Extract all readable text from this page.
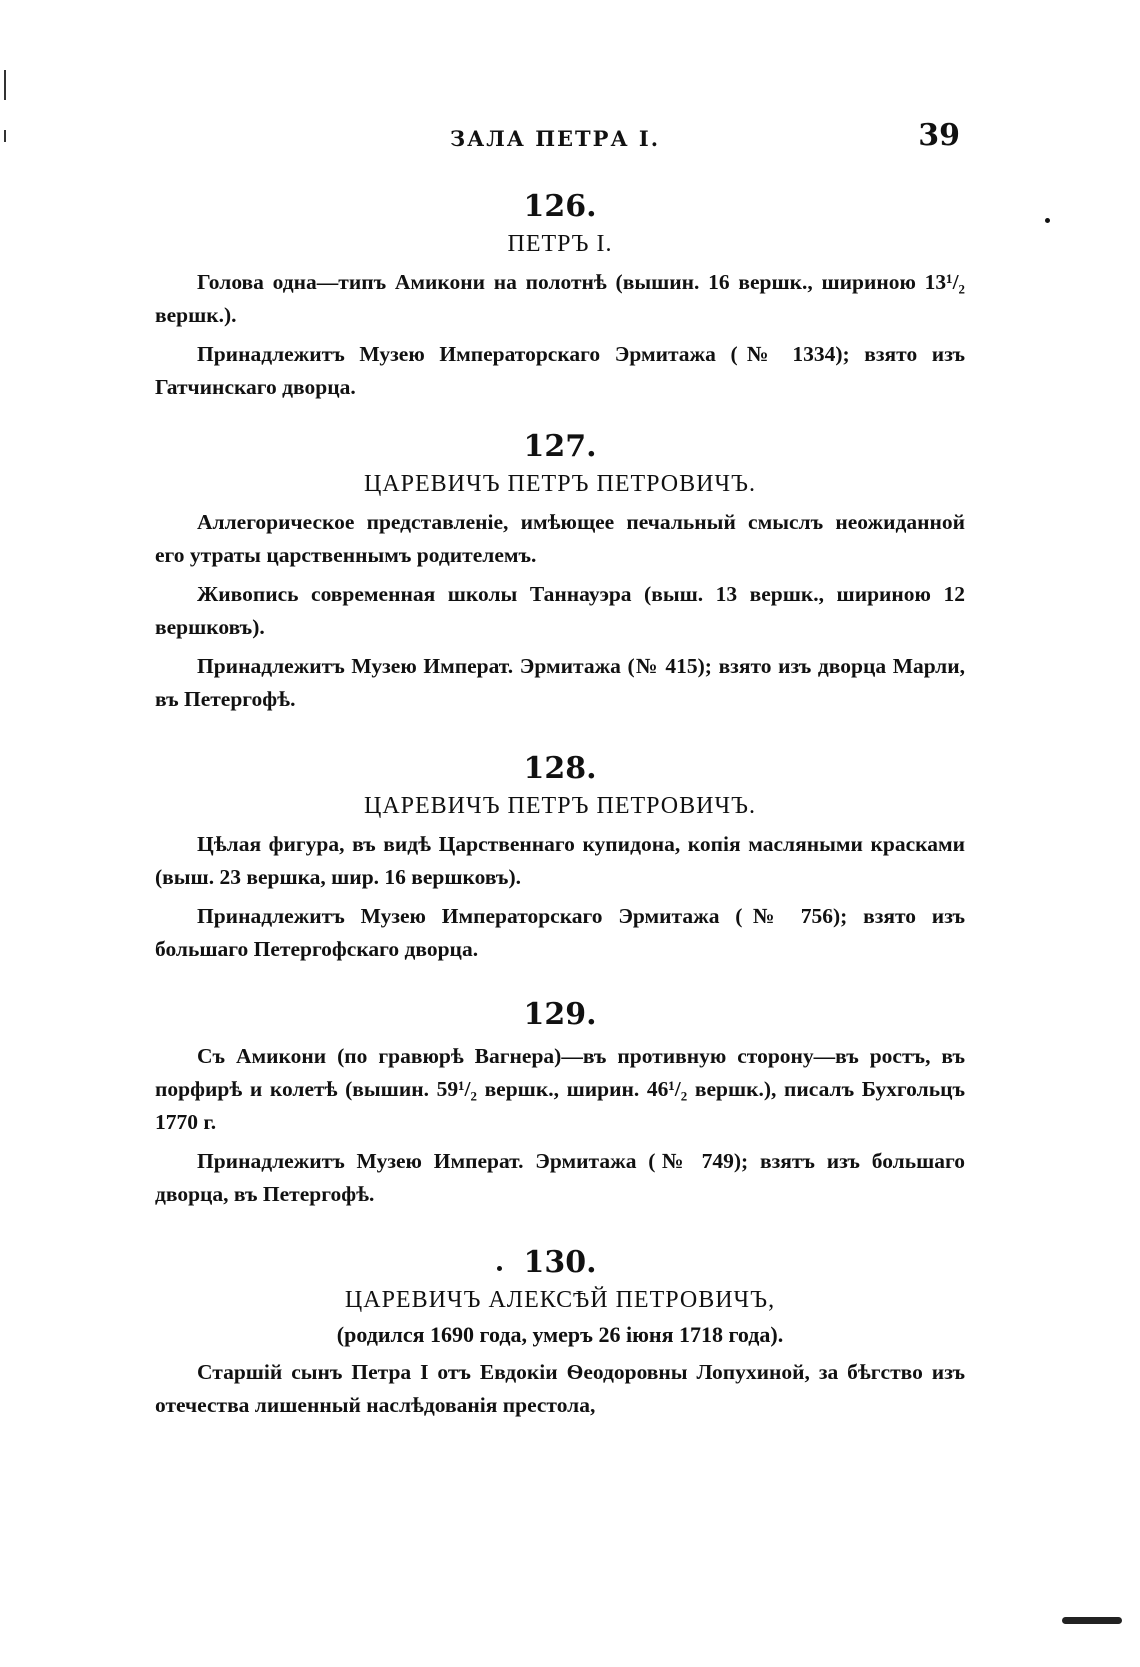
ЗАЛА ПЕТРА I.	39
126.
ПЕТРЪ I.

Голова одна—типъ Амикони на полотнѣ (вышин. 16 вершк., шириною 13¹/₂ вершк.).

Принадлежитъ Музею Императорскаго Эрмитажа (№ 1334); взято изъ Гатчинскаго дворца.

127.
ЦАРЕВИЧЪ ПЕТРЪ ПЕТРОВИЧЪ.

Аллегорическое представленіе, имѣющее печальный смыслъ неожиданной его утраты царственнымъ родителемъ.

Живопись современная школы Таннауэра (выш. 13 вершк., шириною 12 вершковъ).

Принадлежитъ Музею Императ. Эрмитажа (№ 415); взято изъ дворца Марли, въ Петергофѣ.

128.
ЦАРЕВИЧЪ ПЕТРЪ ПЕТРОВИЧЪ.

Цѣлая фигура, въ видѣ Царственнаго купидона, копія масляными красками (выш. 23 вершка, шир. 16 вершковъ).

Принадлежитъ Музею Императорскаго Эрмитажа (№ 756); взято изъ большаго Петергофскаго дворца.

129.

Съ Амикони (по гравюрѣ Вагнера)—въ противную сторону—въ ростъ, въ порфирѣ и колетѣ (вышин. 59¹/₂ вершк., ширин. 46¹/₂ вершк.), писалъ Бухгольцъ 1770 г.

Принадлежитъ Музею Императ. Эрмитажа (№ 749); взятъ изъ большаго дворца, въ Петергофѣ.

130.
ЦАРЕВИЧЪ АЛЕКСѢЙ ПЕТРОВИЧЪ,
(родился 1690 года, умеръ 26 іюня 1718 года).

Старшій сынъ Петра I отъ Евдокіи Ѳеодоровны Лопухиной, за бѣгство изъ отечества лишенный наслѣдованія престола,
